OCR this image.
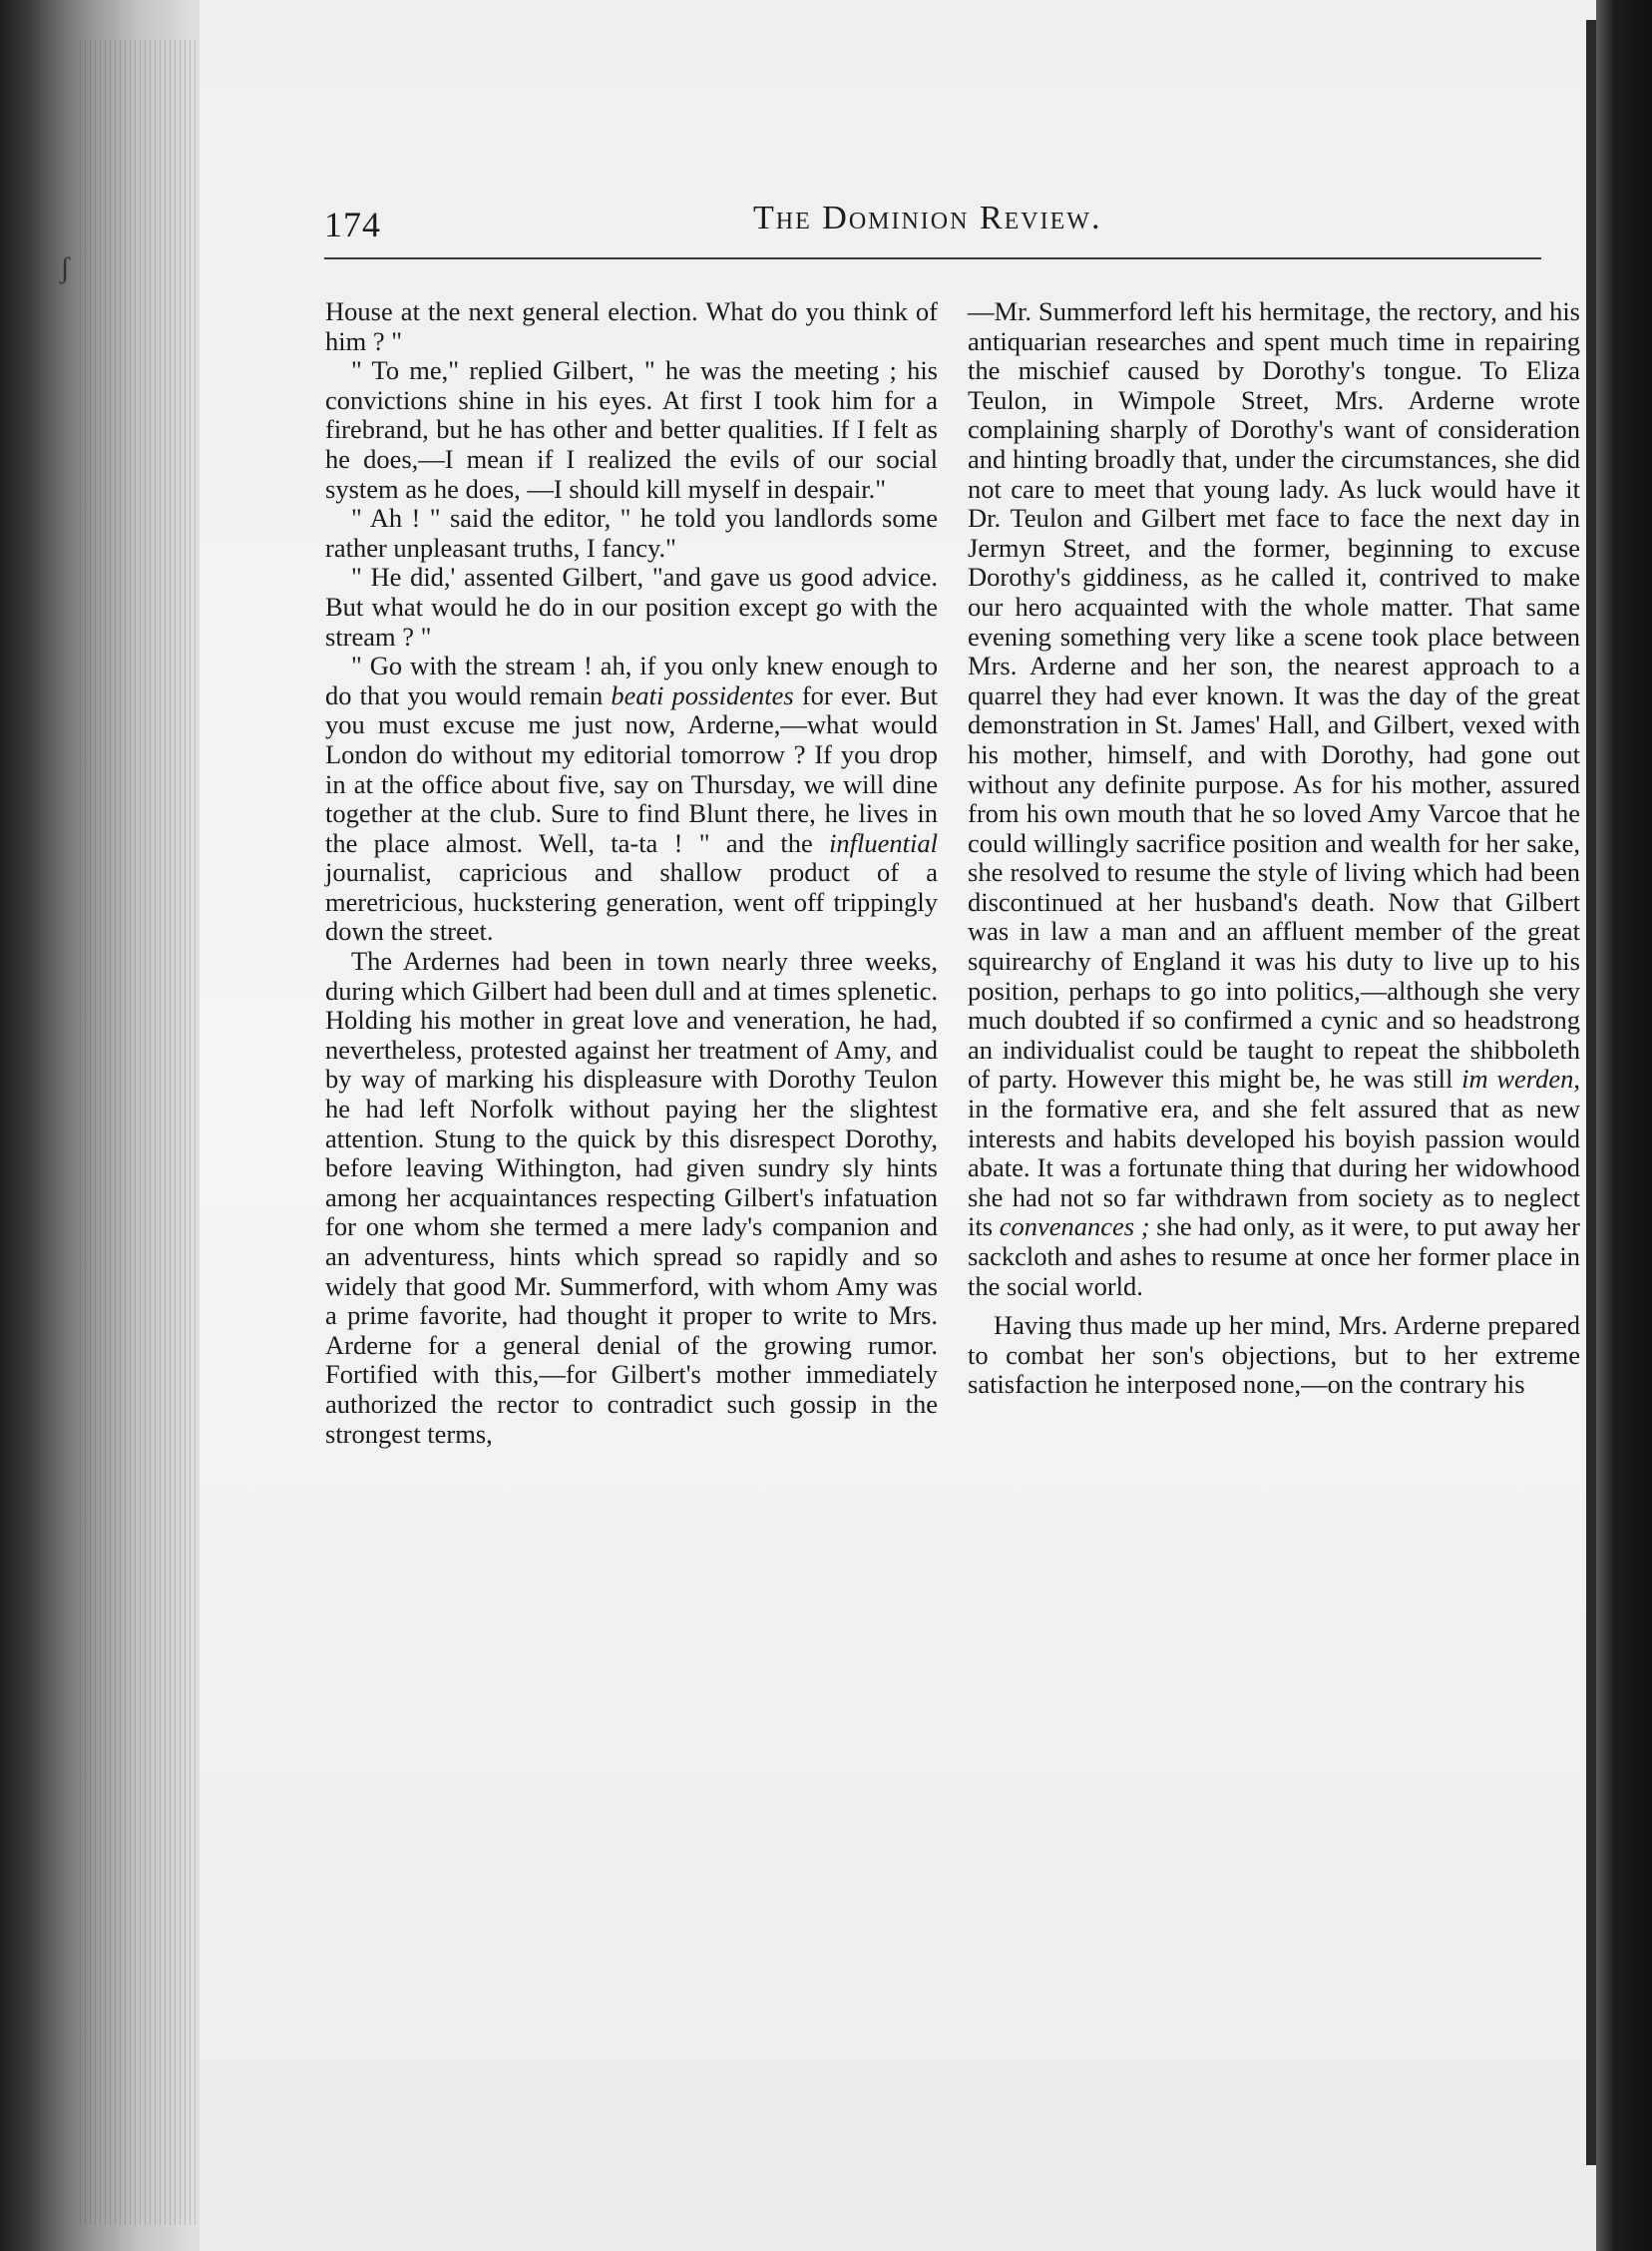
ʃ
174	The Dominion Review.

House at the next general election. What do you think of him ? "

" To me," replied Gilbert, " he was the meeting ; his convictions shine in his eyes. At first I took him for a firebrand, but he has other and better qualities. If I felt as he does,—I mean if I realized the evils of our social system as he does, —I should kill myself in despair."

" Ah ! " said the editor, " he told you landlords some rather unpleasant truths, I fancy."

" He did,' assented Gilbert, "and gave us good advice. But what would he do in our position except go with the stream ? "

" Go with the stream ! ah, if you only knew enough to do that you would remain beati possidentes for ever. But you must excuse me just now, Arderne,—what would London do without my editorial tomorrow ? If you drop in at the office about five, say on Thursday, we will dine together at the club. Sure to find Blunt there, he lives in the place almost. Well, ta-ta ! " and the influential journalist, capricious and shallow product of a meretricious, huckstering generation, went off trippingly down the street.

The Ardernes had been in town nearly three weeks, during which Gilbert had been dull and at times splenetic. Holding his mother in great love and veneration, he had, nevertheless, protested against her treatment of Amy, and by way of marking his displeasure with Dorothy Teulon he had left Norfolk without paying her the slightest attention. Stung to the quick by this disrespect Dorothy, before leaving Withington, had given sundry sly hints among her acquaintances respecting Gilbert's infatuation for one whom she termed a mere lady's companion and an adventuress, hints which spread so rapidly and so widely that good Mr. Summerford, with whom Amy was a prime favorite, had thought it proper to write to Mrs. Arderne for a general denial of the growing rumor. Fortified with this,—for Gilbert's mother immediately authorized the rector to contradict such gossip in the strongest terms,

—Mr. Summerford left his hermitage, the rectory, and his antiquarian researches and spent much time in repairing the mischief caused by Dorothy's tongue. To Eliza Teulon, in Wimpole Street, Mrs. Arderne wrote complaining sharply of Dorothy's want of consideration and hinting broadly that, under the circumstances, she did not care to meet that young lady. As luck would have it Dr. Teulon and Gilbert met face to face the next day in Jermyn Street, and the former, beginning to excuse Dorothy's giddiness, as he called it, contrived to make our hero acquainted with the whole matter. That same evening something very like a scene took place between Mrs. Arderne and her son, the nearest approach to a quarrel they had ever known. It was the day of the great demonstration in St. James' Hall, and Gilbert, vexed with his mother, himself, and with Dorothy, had gone out without any definite purpose. As for his mother, assured from his own mouth that he so loved Amy Varcoe that he could willingly sacrifice position and wealth for her sake, she resolved to resume the style of living which had been discontinued at her husband's death. Now that Gilbert was in law a man and an affluent member of the great squirearchy of England it was his duty to live up to his position, perhaps to go into politics,—although she very much doubted if so confirmed a cynic and so headstrong an individualist could be taught to repeat the shibboleth of party. However this might be, he was still im werden, in the formative era, and she felt assured that as new interests and habits developed his boyish passion would abate. It was a fortunate thing that during her widowhood she had not so far withdrawn from society as to neglect its convenances ; she had only, as it were, to put away her sackcloth and ashes to resume at once her former place in the social world.

Having thus made up her mind, Mrs. Arderne prepared to combat her son's objections, but to her extreme satisfaction he interposed none,—on the contrary his
